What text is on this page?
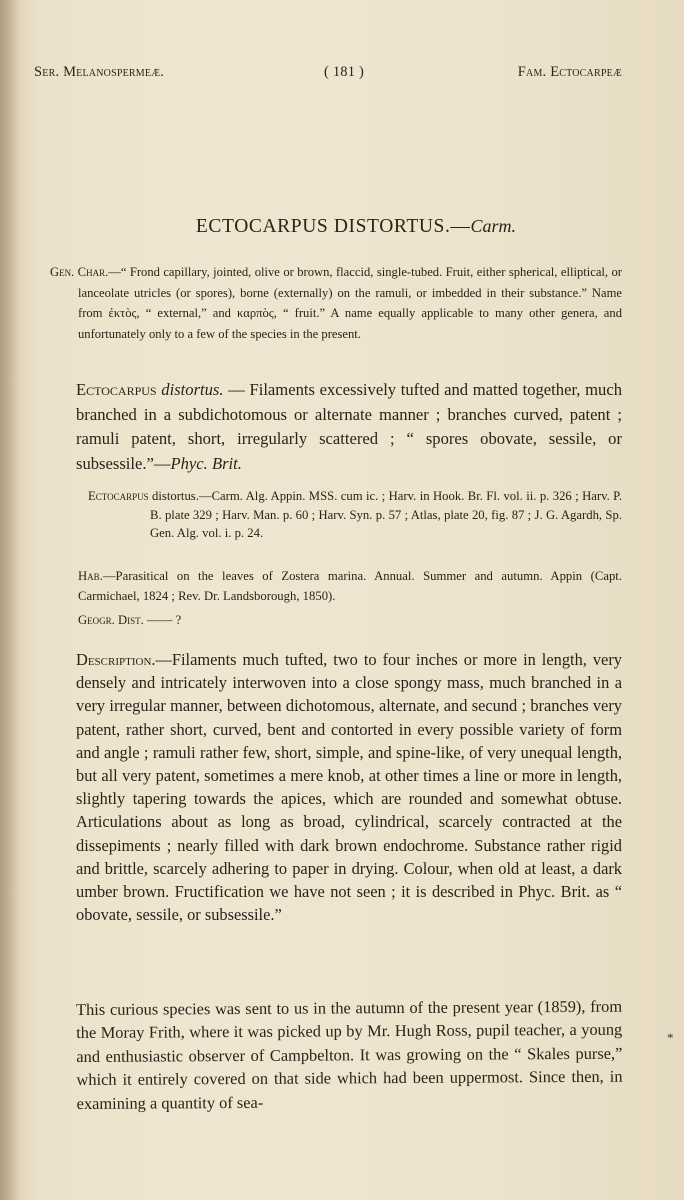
Ser. Melanospermeæ.	( 181 )	Fam. Ectocarpeæ
ECTOCARPUS DISTORTUS.—Carm.
Gen. Char.—“ Frond capillary, jointed, olive or brown, flaccid, single-tubed. Fruit, either spherical, elliptical, or lanceolate utricles (or spores), borne (externally) on the ramuli, or imbedded in their substance.” Name from ἐκτὸς, “ external,” and καρπὸς, “ fruit.” A name equally applicable to many other genera, and unfortunately only to a few of the species in the present.
Ectocarpus distortus. — Filaments excessively tufted and matted together, much branched in a subdichotomous or alternate manner ; branches curved, patent ; ramuli patent, short, irregularly scattered ; “ spores obovate, sessile, or subsessile.”—Phyc. Brit.
Ectocarpus distortus.—Carm. Alg. Appin. MSS. cum ic. ; Harv. in Hook. Br. Fl. vol. ii. p. 326 ; Harv. P. B. plate 329 ; Harv. Man. p. 60 ; Harv. Syn. p. 57 ; Atlas, plate 20, fig. 87 ; J. G. Agardh, Sp. Gen. Alg. vol. i. p. 24.
Hab.—Parasitical on the leaves of Zostera marina. Annual. Summer and autumn. Appin (Capt. Carmichael, 1824 ; Rev. Dr. Landsborough, 1850).
Geogr. Dist. —— ?
Description.—Filaments much tufted, two to four inches or more in length, very densely and intricately interwoven into a close spongy mass, much branched in a very irregular manner, between dichotomous, alternate, and secund ; branches very patent, rather short, curved, bent and contorted in every possible variety of form and angle ; ramuli rather few, short, simple, and spine-like, of very unequal length, but all very patent, sometimes a mere knob, at other times a line or more in length, slightly tapering towards the apices, which are rounded and somewhat obtuse. Articulations about as long as broad, cylindrical, scarcely contracted at the dissepiments ; nearly filled with dark brown endochrome. Substance rather rigid and brittle, scarcely adhering to paper in drying. Colour, when old at least, a dark umber brown. Fructification we have not seen ; it is described in Phyc. Brit. as “ obovate, sessile, or subsessile.”
This curious species was sent to us in the autumn of the present year (1859), from the Moray Frith, where it was picked up by Mr. Hugh Ross, pupil teacher, a young and enthusiastic observer of Campbelton. It was growing on the “ Skales purse,” which it entirely covered on that side which had been uppermost. Since then, in examining a quantity of sea-
*
